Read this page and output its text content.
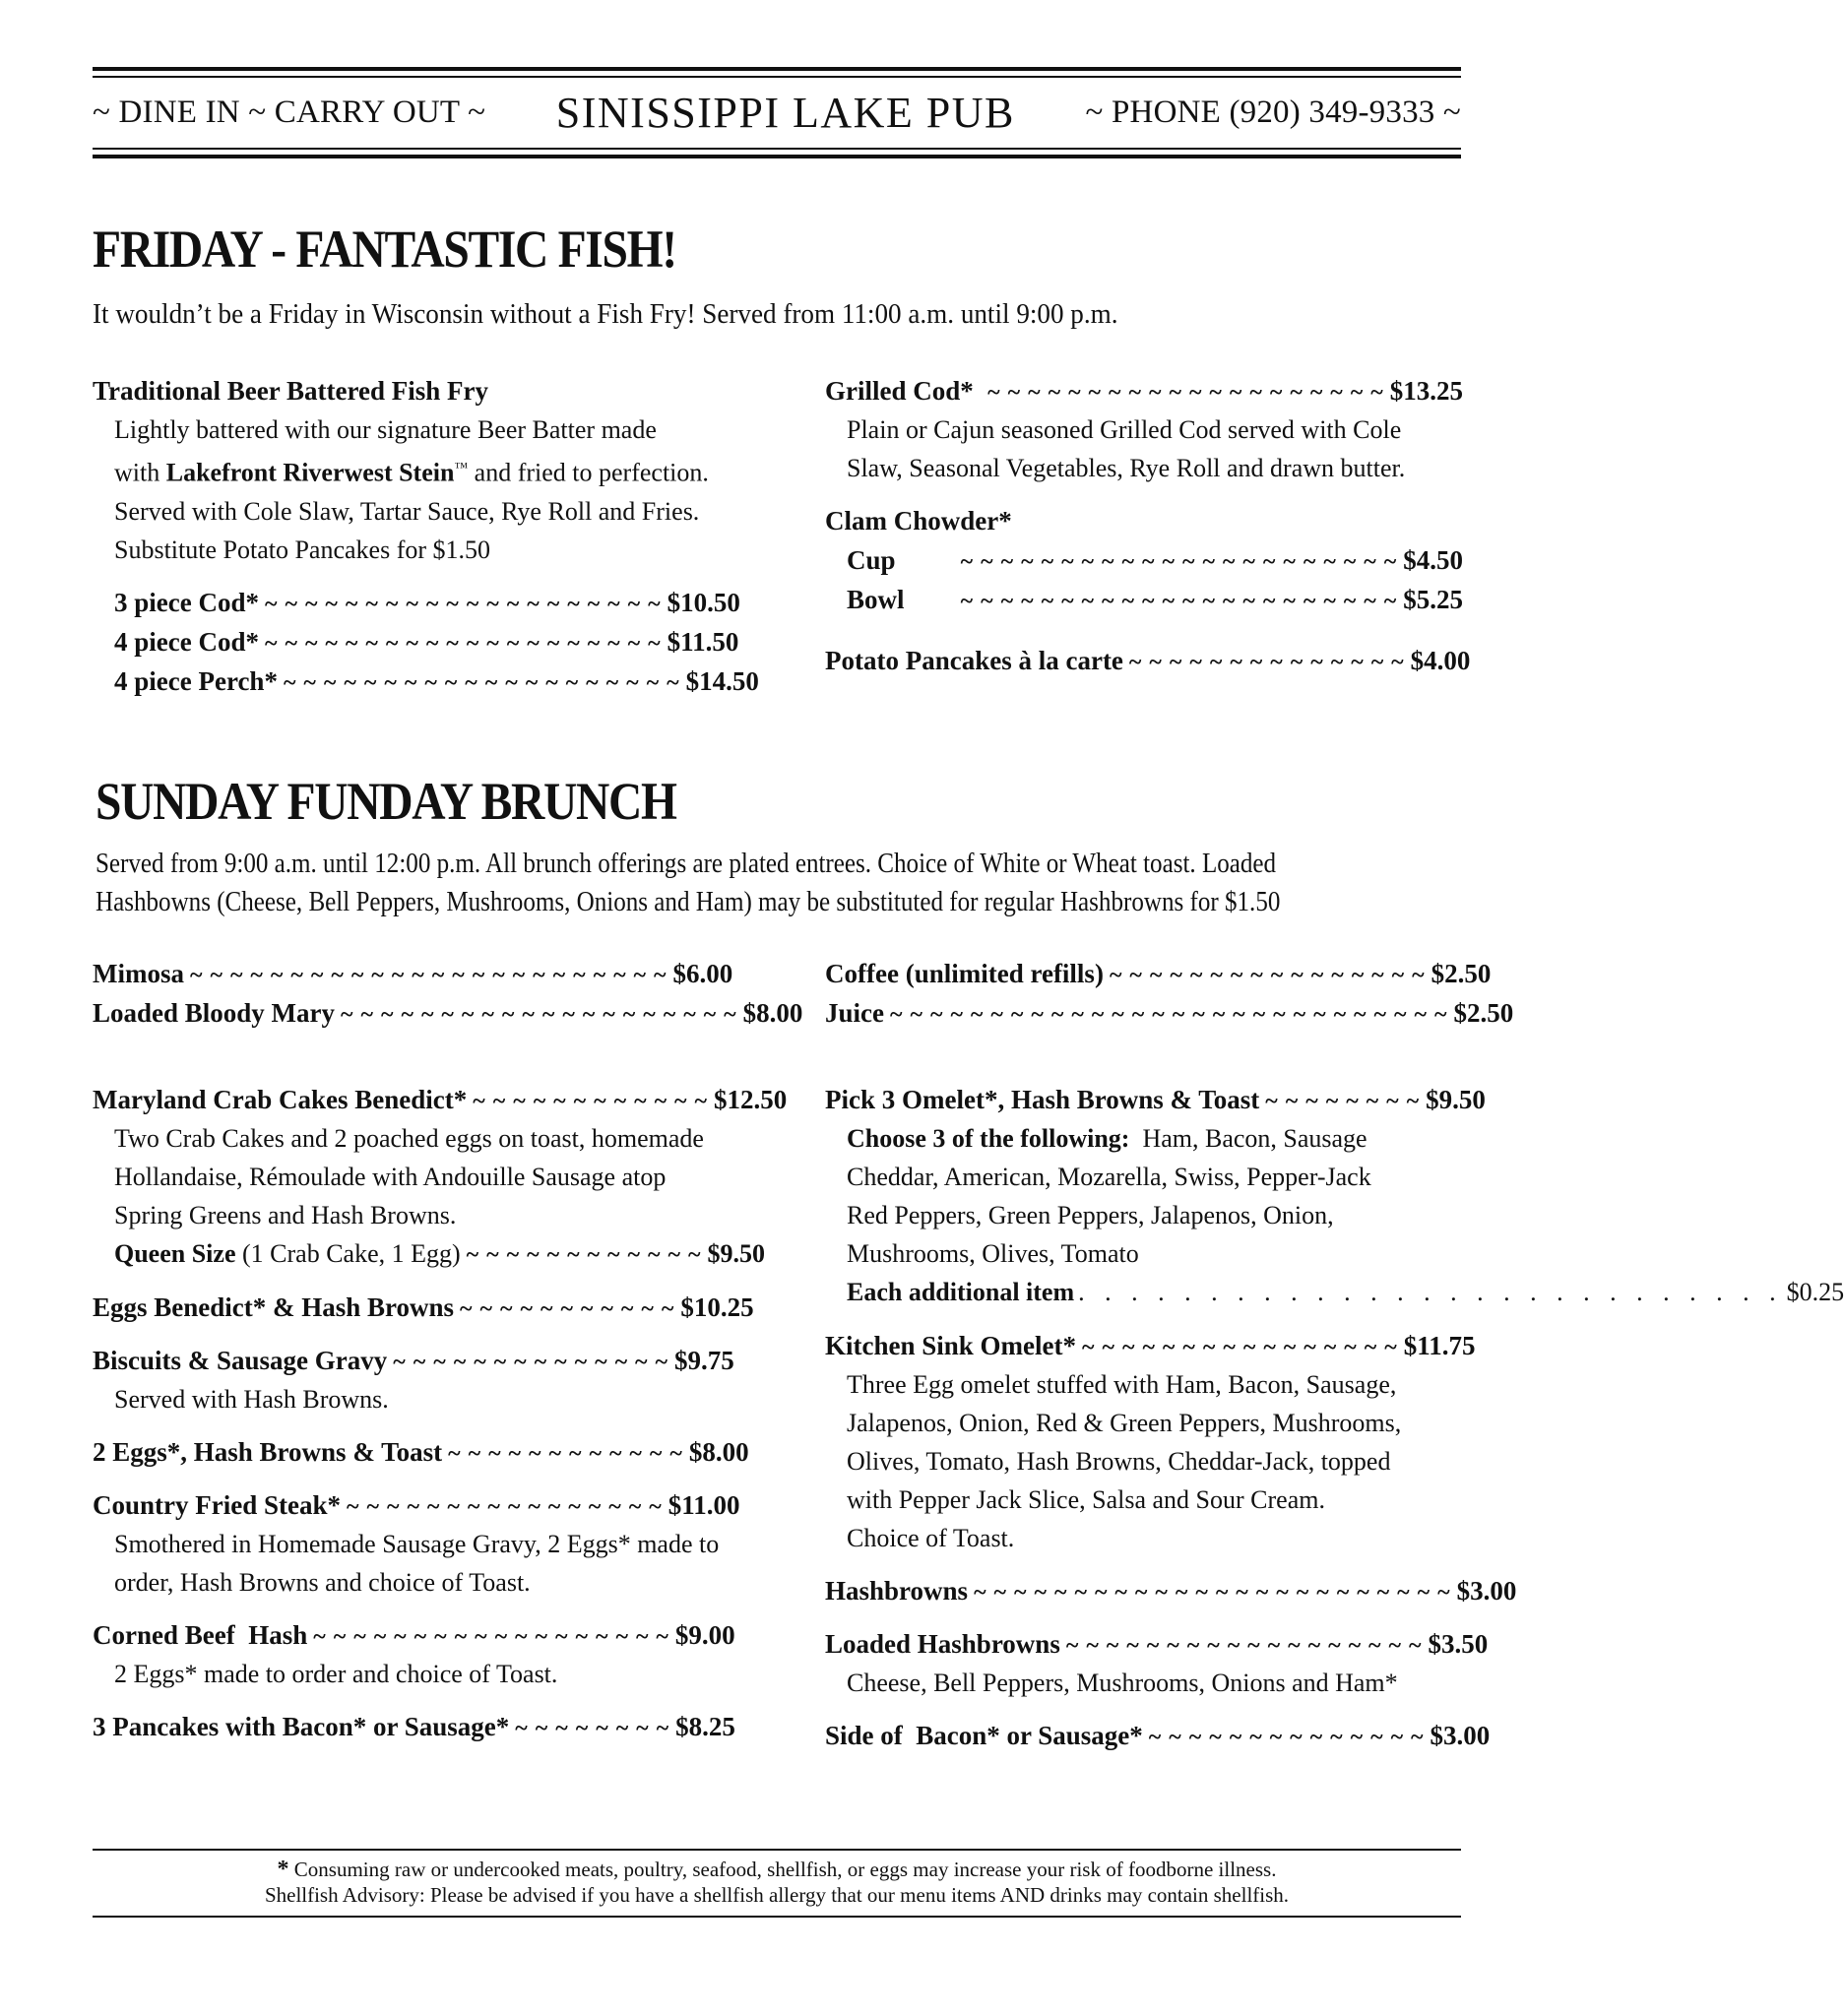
~ DINE IN ~ CARRY OUT ~ SINISSIPPI LAKE PUB ~ PHONE (920) 349-9333 ~
FRIDAY - FANTASTIC FISH!
It wouldn’t be a Friday in Wisconsin without a Fish Fry! Served from 11:00 a.m. until 9:00 p.m.
Traditional Beer Battered Fish Fry
Lightly battered with our signature Beer Batter made
with Lakefront Riverwest Stein™ and fried to perfection.
Served with Cole Slaw, Tartar Sauce, Rye Roll and Fries.
Substitute Potato Pancakes for $1.50
3 piece Cod* ~ ~ ~ ~ ~ ~ ~ ~ ~ ~ ~ ~ ~ ~ ~ ~ ~ ~ ~ ~ $10.50
4 piece Cod* ~ ~ ~ ~ ~ ~ ~ ~ ~ ~ ~ ~ ~ ~ ~ ~ ~ ~ ~ ~ $11.50
4 piece Perch* ~ ~ ~ ~ ~ ~ ~ ~ ~ ~ ~ ~ ~ ~ ~ ~ ~ ~ ~ ~ $14.50
Grilled Cod* ~ ~ ~ ~ ~ ~ ~ ~ ~ ~ ~ ~ ~ ~ ~ ~ ~ ~ ~ ~ $13.25
Plain or Cajun seasoned Grilled Cod served with Cole
Slaw, Seasonal Vegetables, Rye Roll and drawn butter.
Clam Chowder*
Cup	~ ~ ~ ~ ~ ~ ~ ~ ~ ~ ~ ~ ~ ~ ~ ~ ~ ~ ~ ~ ~ ~ $4.50
Bowl	~ ~ ~ ~ ~ ~ ~ ~ ~ ~ ~ ~ ~ ~ ~ ~ ~ ~ ~ ~ ~ ~ $5.25
Potato Pancakes à la carte ~ ~ ~ ~ ~ ~ ~ ~ ~ ~ ~ ~ ~ ~ $4.00
SUNDAY FUNDAY BRUNCH
Served from 9:00 a.m. until 12:00 p.m. All brunch offerings are plated entrees. Choice of White or Wheat toast. Loaded
Hashbowns (Cheese, Bell Peppers, Mushrooms, Onions and Ham) may be substituted for regular Hashbrowns for $1.50
Mimosa ~ ~ ~ ~ ~ ~ ~ ~ ~ ~ ~ ~ ~ ~ ~ ~ ~ ~ ~ ~ ~ ~ ~ ~ $6.00
Loaded Bloody Mary ~ ~ ~ ~ ~ ~ ~ ~ ~ ~ ~ ~ ~ ~ ~ ~ ~ ~ ~ ~ $8.00
Maryland Crab Cakes Benedict* ~ ~ ~ ~ ~ ~ ~ ~ ~ ~ ~ ~ $12.50
Two Crab Cakes and 2 poached eggs on toast, homemade
Hollandaise, Rémoulade with Andouille Sausage atop
Spring Greens and Hash Browns.
Queen Size (1 Crab Cake, 1 Egg) ~ ~ ~ ~ ~ ~ ~ ~ ~ ~ ~ ~ $9.50
Eggs Benedict* & Hash Browns ~ ~ ~ ~ ~ ~ ~ ~ ~ ~ ~ $10.25
Biscuits & Sausage Gravy ~ ~ ~ ~ ~ ~ ~ ~ ~ ~ ~ ~ ~ ~ $9.75
Served with Hash Browns.
2 Eggs*, Hash Browns & Toast ~ ~ ~ ~ ~ ~ ~ ~ ~ ~ ~ ~ $8.00
Country Fried Steak* ~ ~ ~ ~ ~ ~ ~ ~ ~ ~ ~ ~ ~ ~ ~ ~ $11.00
Smothered in Homemade Sausage Gravy, 2 Eggs* made to
order, Hash Browns and choice of Toast.
Corned Beef  Hash ~ ~ ~ ~ ~ ~ ~ ~ ~ ~ ~ ~ ~ ~ ~ ~ ~ ~ $9.00
2 Eggs* made to order and choice of Toast.
3 Pancakes with Bacon* or Sausage* ~ ~ ~ ~ ~ ~ ~ ~ $8.25
Coffee (unlimited refills) ~ ~ ~ ~ ~ ~ ~ ~ ~ ~ ~ ~ ~ ~ ~ ~ $2.50
Juice ~ ~ ~ ~ ~ ~ ~ ~ ~ ~ ~ ~ ~ ~ ~ ~ ~ ~ ~ ~ ~ ~ ~ ~ ~ ~ ~ ~ $2.50
Pick 3 Omelet*, Hash Browns & Toast ~ ~ ~ ~ ~ ~ ~ ~ $9.50
Choose 3 of the following:  Ham, Bacon, Sausage
Cheddar, American, Mozarella, Swiss, Pepper-Jack
Red Peppers, Green Peppers, Jalapenos, Onion,
Mushrooms, Olives, Tomato
Each additional item . . . . . . . . . . . . . . . . . . . . . . . . . . . $0.25
Kitchen Sink Omelet* ~ ~ ~ ~ ~ ~ ~ ~ ~ ~ ~ ~ ~ ~ ~ ~ $11.75
Three Egg omelet stuffed with Ham, Bacon, Sausage,
Jalapenos, Onion, Red & Green Peppers, Mushrooms,
Olives, Tomato, Hash Browns, Cheddar-Jack, topped
with Pepper Jack Slice, Salsa and Sour Cream.
Choice of Toast.
Hashbrowns ~ ~ ~ ~ ~ ~ ~ ~ ~ ~ ~ ~ ~ ~ ~ ~ ~ ~ ~ ~ ~ ~ ~ ~ $3.00
Loaded Hashbrowns ~ ~ ~ ~ ~ ~ ~ ~ ~ ~ ~ ~ ~ ~ ~ ~ ~ ~ $3.50
Cheese, Bell Peppers, Mushrooms, Onions and Ham*
Side of  Bacon* or Sausage* ~ ~ ~ ~ ~ ~ ~ ~ ~ ~ ~ ~ ~ ~ $3.00
* Consuming raw or undercooked meats, poultry, seafood, shellfish, or eggs may increase your risk of foodborne illness.
Shellfish Advisory: Please be advised if you have a shellfish allergy that our menu items AND drinks may contain shellfish.
